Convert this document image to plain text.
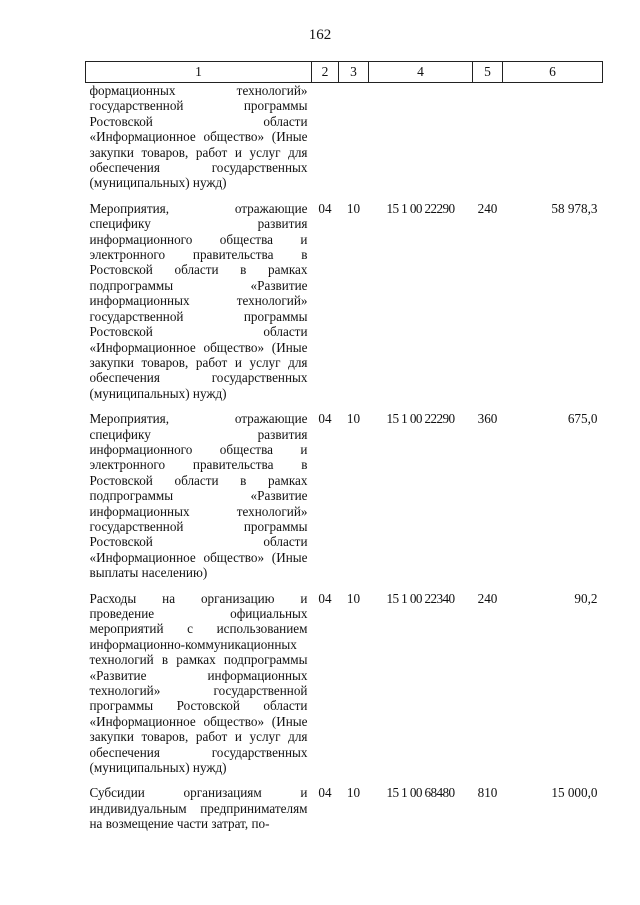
162
1	2	3	4	5	6
формационных технологий» государственной программы Ростовской области «Информационное общество» (Иные закупки товаров, работ и услуг для обеспечения государственных (муниципальных) нужд)					
Мероприятия, отражающие специфику развития информационного общества и электронного правительства в Ростовской области в рамках подпрограммы «Развитие информационных технологий» государственной программы Ростовской области «Информационное общество» (Иные закупки товаров, работ и услуг для обеспечения государственных (муниципальных) нужд)	04	10	15 1 00 22290	240	58 978,3
Мероприятия, отражающие специфику развития информационного общества и электронного правительства в Ростовской области в рамках подпрограммы «Развитие информационных технологий» государственной программы Ростовской области «Информационное общество» (Иные выплаты населению)	04	10	15 1 00 22290	360	675,0
Расходы на организацию и проведение официальных мероприятий с использованием информационно-коммуникационных технологий в рамках подпрограммы «Развитие информационных технологий» государственной программы Ростовской области «Информационное общество» (Иные закупки товаров, работ и услуг для обеспечения государственных (муниципальных) нужд)	04	10	15 1 00 22340	240	90,2
Субсидии организациям и индивидуальным предпринимателям на возмещение части затрат, по-	04	10	15 1 00 68480	810	15 000,0
